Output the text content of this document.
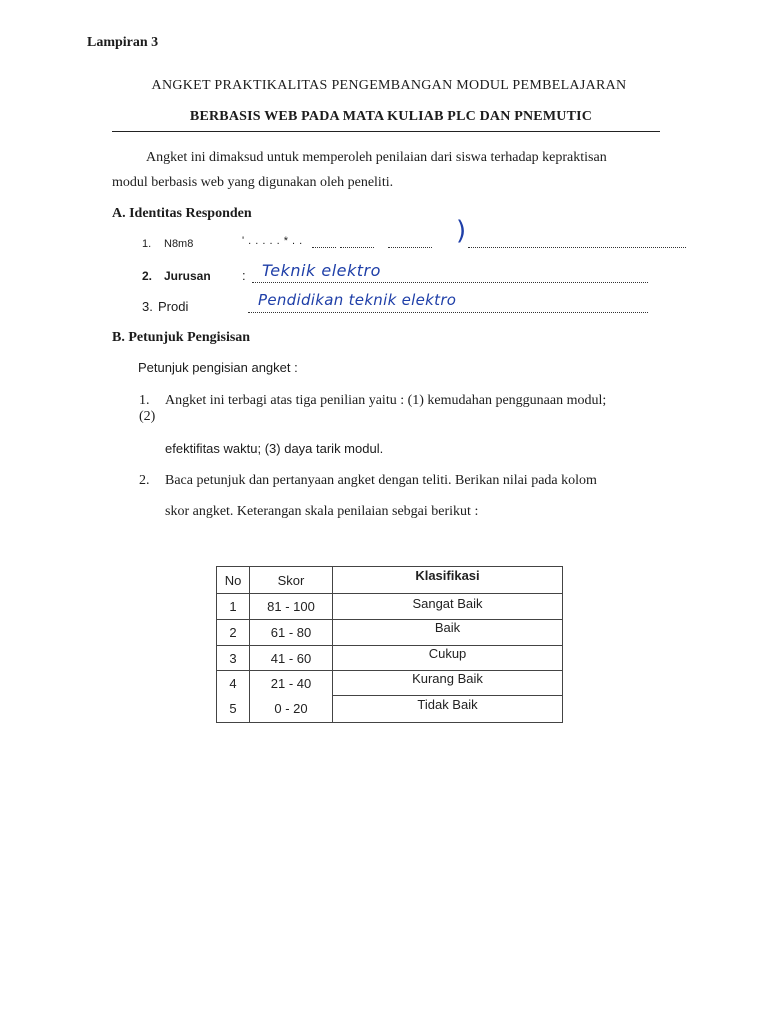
Lampiran 3
ANGKET PRAKTIKALITAS PENGEMBANGAN MODUL PEMBELAJARAN
BERBASIS WEB PADA MATA KULIAB PLC DAN PNEMUTIC
Angket ini dimaksud untuk memperoleh penilaian dari siswa terhadap kepraktisan
modul berbasis web yang digunakan oleh peneliti.
A. Identitas Responden
1. N8m8	' . . . . . * . .	)
2. Jurusan : Teknik elektro
3. Prodi	Pendidikan teknik elektro
B. Petunjuk Pengisisan
Petunjuk pengisian angket :
1. Angket ini terbagi atas tiga penilian yaitu : (1) kemudahan penggunaan modul;
(2)
efektifitas waktu; (3) daya tarik modul.
2. Baca petunjuk dan pertanyaan angket dengan teliti. Berikan nilai pada kolom
skor angket. Keterangan skala penilaian sebgai berikut :
No	Skor	Klasifikasi
1	81 - 100	Sangat Baik
2	61 - 80	Baik
3	41 - 60	Cukup
4	21 - 40	Kurang Baik
5	0 - 20	Tidak Baik
